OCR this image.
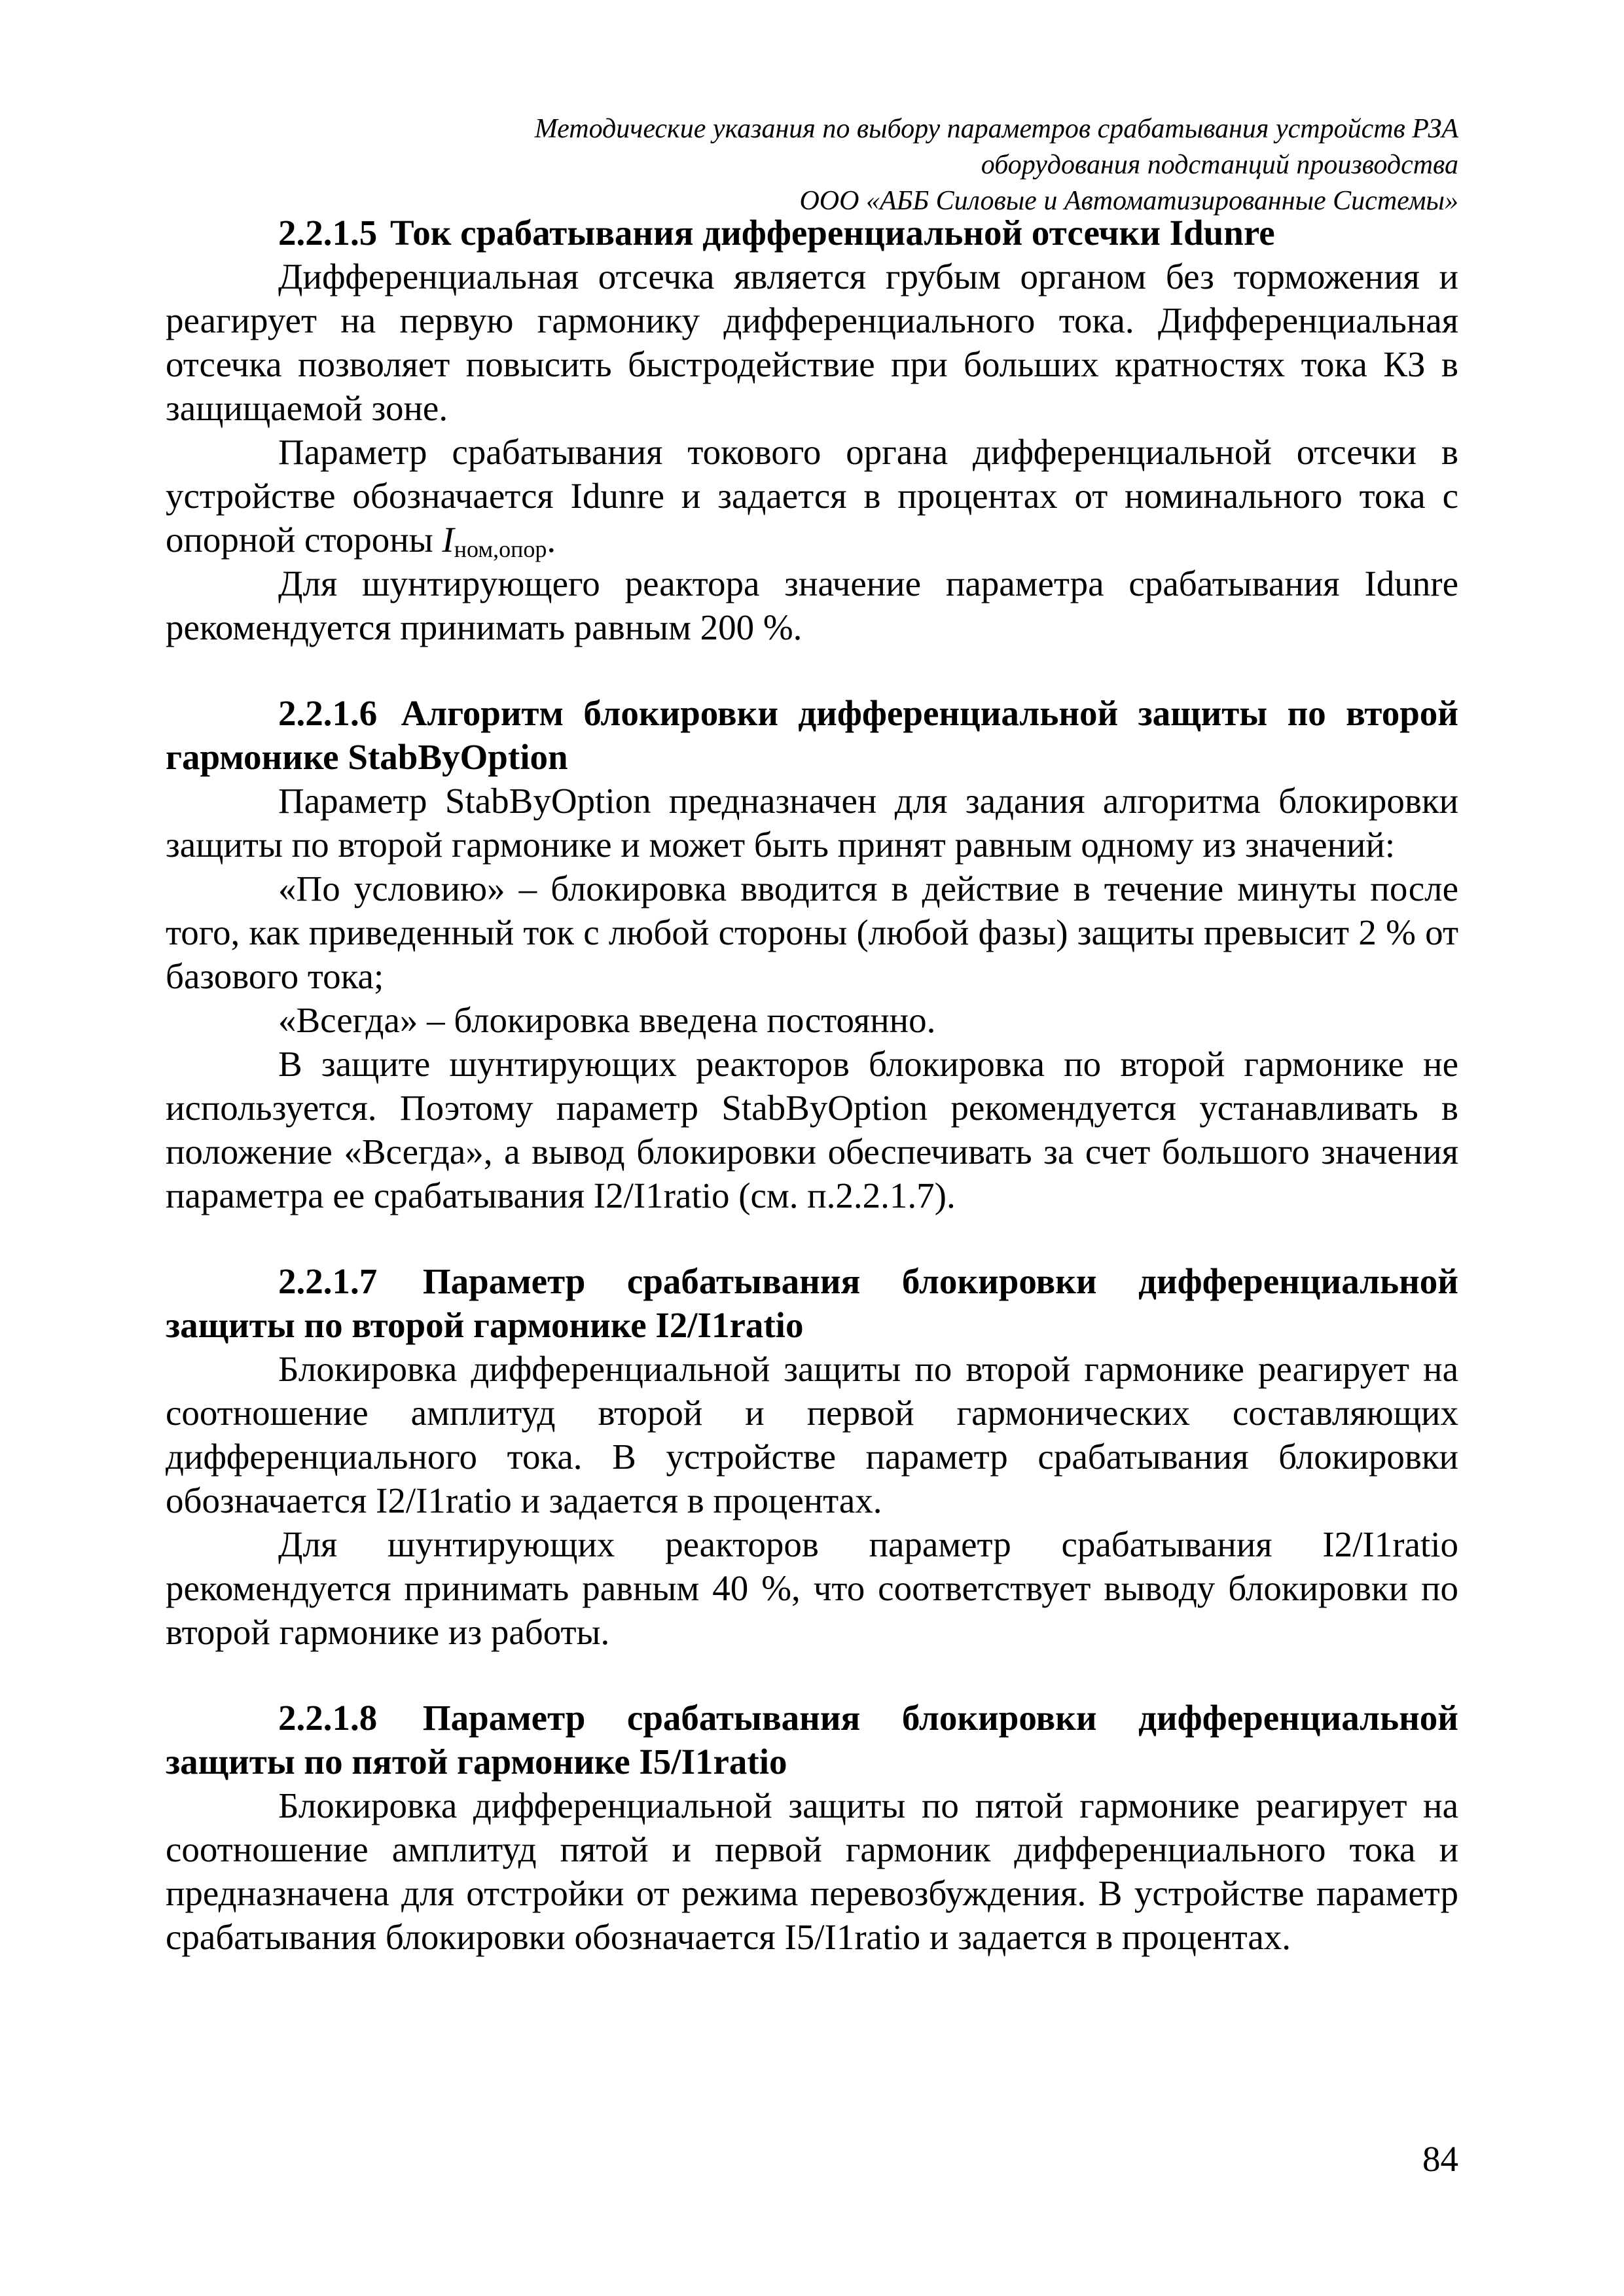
Методические указания по выбору параметров срабатывания устройств РЗА
оборудования подстанций производства
ООО «АББ Силовые и Автоматизированные Системы»
2.2.1.5 Ток срабатывания дифференциальной отсечки Idunre

Дифференциальная отсечка является грубым органом без торможения и реагирует на первую гармонику дифференциального тока. Дифференциальная отсечка позволяет повысить быстродействие при больших кратностях тока КЗ в защищаемой зоне.

Параметр срабатывания токового органа дифференциальной отсечки в устройстве обозначается Idunre и задается в процентах от номинального тока с опорной стороны $I_{ном,опор}$.

Для шунтирующего реактора значение параметра срабатывания Idunre рекомендуется принимать равным 200 %.

2.2.1.6 Алгоритм блокировки дифференциальной защиты по второй гармонике StabByOption

Параметр StabByOption предназначен для задания алгоритма блокировки защиты по второй гармонике и может быть принят равным одному из значений:

«По условию» – блокировка вводится в действие в течение минуты после того, как приведенный ток с любой стороны (любой фазы) защиты превысит 2 % от базового тока;

«Всегда» – блокировка введена постоянно.

В защите шунтирующих реакторов блокировка по второй гармонике не используется. Поэтому параметр StabByOption рекомендуется устанавливать в положение «Всегда», а вывод блокировки обеспечивать за счет большого значения параметра ее срабатывания I2/I1ratio (см. п.2.2.1.7).

2.2.1.7 Параметр срабатывания блокировки дифференциальной защиты по второй гармонике I2/I1ratio

Блокировка дифференциальной защиты по второй гармонике реагирует на соотношение амплитуд второй и первой гармонических составляющих дифференциального тока. В устройстве параметр срабатывания блокировки обозначается I2/I1ratio и задается в процентах.

Для шунтирующих реакторов параметр срабатывания I2/I1ratio рекомендуется принимать равным 40 %, что соответствует выводу блокировки по второй гармонике из работы.

2.2.1.8 Параметр срабатывания блокировки дифференциальной защиты по пятой гармонике I5/I1ratio

Блокировка дифференциальной защиты по пятой гармонике реагирует на соотношение амплитуд пятой и первой гармоник дифференциального тока и предназначена для отстройки от режима перевозбуждения. В устройстве параметр срабатывания блокировки обозначается I5/I1ratio и задается в процентах.

84
